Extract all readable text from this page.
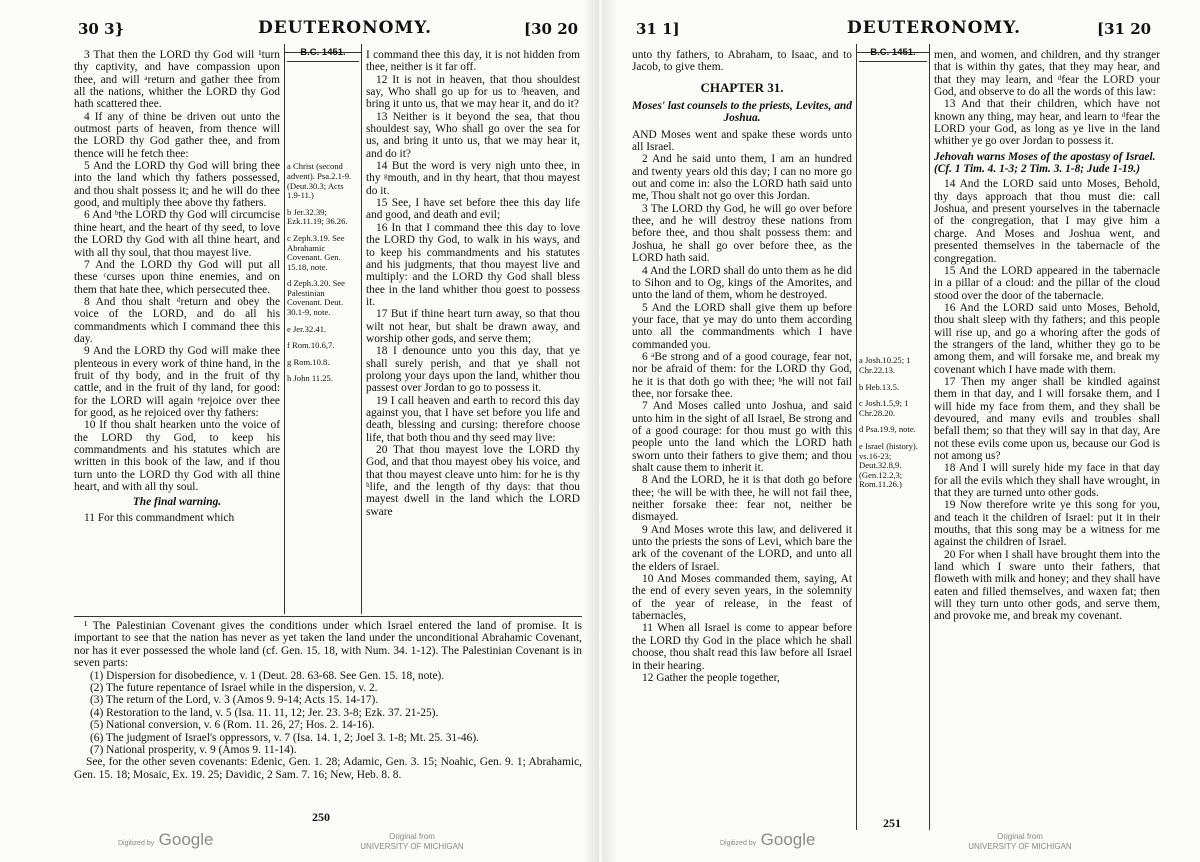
30 3}	DEUTERONOMY.	[30 20

3 That then the LORD thy God will ¹turn thy captivity, and have compassion upon thee, and will ᵃreturn and gather thee from all the nations, whither the LORD thy God hath scattered thee.

4 If any of thine be driven out unto the outmost parts of heaven, from thence will the LORD thy God gather thee, and from thence will he fetch thee:

5 And the LORD thy God will bring thee into the land which thy fathers possessed, and thou shalt possess it; and he will do thee good, and multiply thee above thy fathers.

6 And ᵇthe LORD thy God will circumcise thine heart, and the heart of thy seed, to love the LORD thy God with all thine heart, and with all thy soul, that thou mayest live.

7 And the LORD thy God will put all these ᶜcurses upon thine enemies, and on them that hate thee, which persecuted thee.

8 And thou shalt ᵈreturn and obey the voice of the LORD, and do all his commandments which I command thee this day.

9 And the LORD thy God will make thee plenteous in every work of thine hand, in the fruit of thy body, and in the fruit of thy cattle, and in the fruit of thy land, for good: for the LORD will again ᵉrejoice over thee for good, as he rejoiced over thy fathers:

10 If thou shalt hearken unto the voice of the LORD thy God, to keep his commandments and his statutes which are written in this book of the law, and if thou turn unto the LORD thy God with all thine heart, and with all thy soul.

The final warning.

11 For this commandment which

B.C. 1451.
a Christ (second advent). Psa.2.1-9. (Deut.30.3; Acts 1.9-11.)
b Jer.32.39; Ezk.11.19; 36.26.
c Zeph.3.19. See Abrahamic Covenant. Gen. 15.18, note.
d Zeph.3.20. See Palestinian Covenant. Deut. 30.1-9, note.
e Jer.32.41.
f Rom.10.6,7.
g Rom.10.8.
h John 11.25.

I command thee this day, it is not hidden from thee, neither is it far off.

12 It is not in heaven, that thou shouldest say, Who shall go up for us to ᶠheaven, and bring it unto us, that we may hear it, and do it?

13 Neither is it beyond the sea, that thou shouldest say, Who shall go over the sea for us, and bring it unto us, that we may hear it, and do it?

14 But the word is very nigh unto thee, in thy ᵍmouth, and in thy heart, that thou mayest do it.

15 See, I have set before thee this day life and good, and death and evil;

16 In that I command thee this day to love the LORD thy God, to walk in his ways, and to keep his commandments and his statutes and his judgments, that thou mayest live and multiply: and the LORD thy God shall bless thee in the land whither thou goest to possess it.

17 But if thine heart turn away, so that thou wilt not hear, but shalt be drawn away, and worship other gods, and serve them;

18 I denounce unto you this day, that ye shall surely perish, and that ye shall not prolong your days upon the land, whither thou passest over Jordan to go to possess it.

19 I call heaven and earth to record this day against you, that I have set before you life and death, blessing and cursing: therefore choose life, that both thou and thy seed may live:

20 That thou mayest love the LORD thy God, and that thou mayest obey his voice, and that thou mayest cleave unto him: for he is thy ʰlife, and the length of thy days: that thou mayest dwell in the land which the LORD sware

¹ The Palestinian Covenant gives the conditions under which Israel entered the land of promise. It is important to see that the nation has never as yet taken the land under the unconditional Abrahamic Covenant, nor has it ever possessed the whole land (cf. Gen. 15. 18, with Num. 34. 1-12). The Palestinian Covenant is in seven parts:

(1) Dispersion for disobedience, v. 1 (Deut. 28. 63-68. See Gen. 15. 18, note).

(2) The future repentance of Israel while in the dispersion, v. 2.

(3) The return of the Lord, v. 3 (Amos 9. 9-14; Acts 15. 14-17).

(4) Restoration to the land, v. 5 (Isa. 11. 11, 12; Jer. 23. 3-8; Ezk. 37. 21-25).

(5) National conversion, v. 6 (Rom. 11. 26, 27; Hos. 2. 14-16).

(6) The judgment of Israel's oppressors, v. 7 (Isa. 14. 1, 2; Joel 3. 1-8; Mt. 25. 31-46).

(7) National prosperity, v. 9 (Amos 9. 11-14).

See, for the other seven covenants: Edenic, Gen. 1. 28; Adamic, Gen. 3. 15; Noahic, Gen. 9. 1; Abrahamic, Gen. 15. 18; Mosaic, Ex. 19. 25; Davidic, 2 Sam. 7. 16; New, Heb. 8. 8.

250
Digitized by Google	Original from
UNIVERSITY OF MICHIGAN
31 1]	DEUTERONOMY.	[31 20

unto thy fathers, to Abraham, to Isaac, and to Jacob, to give them.

CHAPTER 31.

Moses' last counsels to the priests, Levites, and Joshua.

AND Moses went and spake these words unto all Israel.

2 And he said unto them, I am an hundred and twenty years old this day; I can no more go out and come in: also the LORD hath said unto me, Thou shalt not go over this Jordan.

3 The LORD thy God, he will go over before thee, and he will destroy these nations from before thee, and thou shalt possess them: and Joshua, he shall go over before thee, as the LORD hath said.

4 And the LORD shall do unto them as he did to Sihon and to Og, kings of the Amorites, and unto the land of them, whom he destroyed.

5 And the LORD shall give them up before your face, that ye may do unto them according unto all the commandments which I have commanded you.

6 ᵃBe strong and of a good courage, fear not, nor be afraid of them: for the LORD thy God, he it is that doth go with thee; ᵇhe will not fail thee, nor forsake thee.

7 And Moses called unto Joshua, and said unto him in the sight of all Israel, Be strong and of a good courage: for thou must go with this people unto the land which the LORD hath sworn unto their fathers to give them; and thou shalt cause them to inherit it.

8 And the LORD, he it is that doth go before thee; ᶜhe will be with thee, he will not fail thee, neither forsake thee: fear not, neither be dismayed.

9 And Moses wrote this law, and delivered it unto the priests the sons of Levi, which bare the ark of the covenant of the LORD, and unto all the elders of Israel.

10 And Moses commanded them, saying, At the end of every seven years, in the solemnity of the year of release, in the feast of tabernacles,

11 When all Israel is come to appear before the LORD thy God in the place which he shall choose, thou shalt read this law before all Israel in their hearing.

12 Gather the people together,

B.C. 1451.
a Josh.10.25; 1 Chr.22.13.
b Heb.13.5.
c Josh.1.5,9; 1 Chr.28.20.
d Psa.19.9, note.
e Israel (history). vs.16-23; Deut.32.8,9. (Gen.12.2,3; Rom.11.26.)

men, and women, and children, and thy stranger that is within thy gates, that they may hear, and that they may learn, and ᵈfear the LORD your God, and observe to do all the words of this law:

13 And that their children, which have not known any thing, may hear, and learn to ᵈfear the LORD your God, as long as ye live in the land whither ye go over Jordan to possess it.

Jehovah warns Moses of the apostasy of Israel. (Cf. 1 Tim. 4. 1-3; 2 Tim. 3. 1-8; Jude 1-19.)

14 And the LORD said unto Moses, Behold, thy days approach that thou must die: call Joshua, and present yourselves in the tabernacle of the congregation, that I may give him a charge. And Moses and Joshua went, and presented themselves in the tabernacle of the congregation.

15 And the LORD appeared in the tabernacle in a pillar of a cloud: and the pillar of the cloud stood over the door of the tabernacle.

16 And the LORD said unto Moses, Behold, thou shalt sleep with thy fathers; and this people will rise up, and go a whoring after the gods of the strangers of the land, whither they go to be among them, and will forsake me, and break my covenant which I have made with them.

17 Then my anger shall be kindled against them in that day, and I will forsake them, and I will hide my face from them, and they shall be devoured, and many evils and troubles shall befall them; so that they will say in that day, Are not these evils come upon us, because our God is not among us?

18 And I will surely hide my face in that day for all the evils which they shall have wrought, in that they are turned unto other gods.

19 Now therefore write ye this song for you, and teach it the children of Israel: put it in their mouths, that this song may be a witness for me against the children of Israel.

20 For when I shall have brought them into the land which I sware unto their fathers, that floweth with milk and honey; and they shall have eaten and filled themselves, and waxen fat; then will they turn unto other gods, and serve them, and provoke me, and break my covenant.

251
Digitized by Google	Original from
UNIVERSITY OF MICHIGAN
